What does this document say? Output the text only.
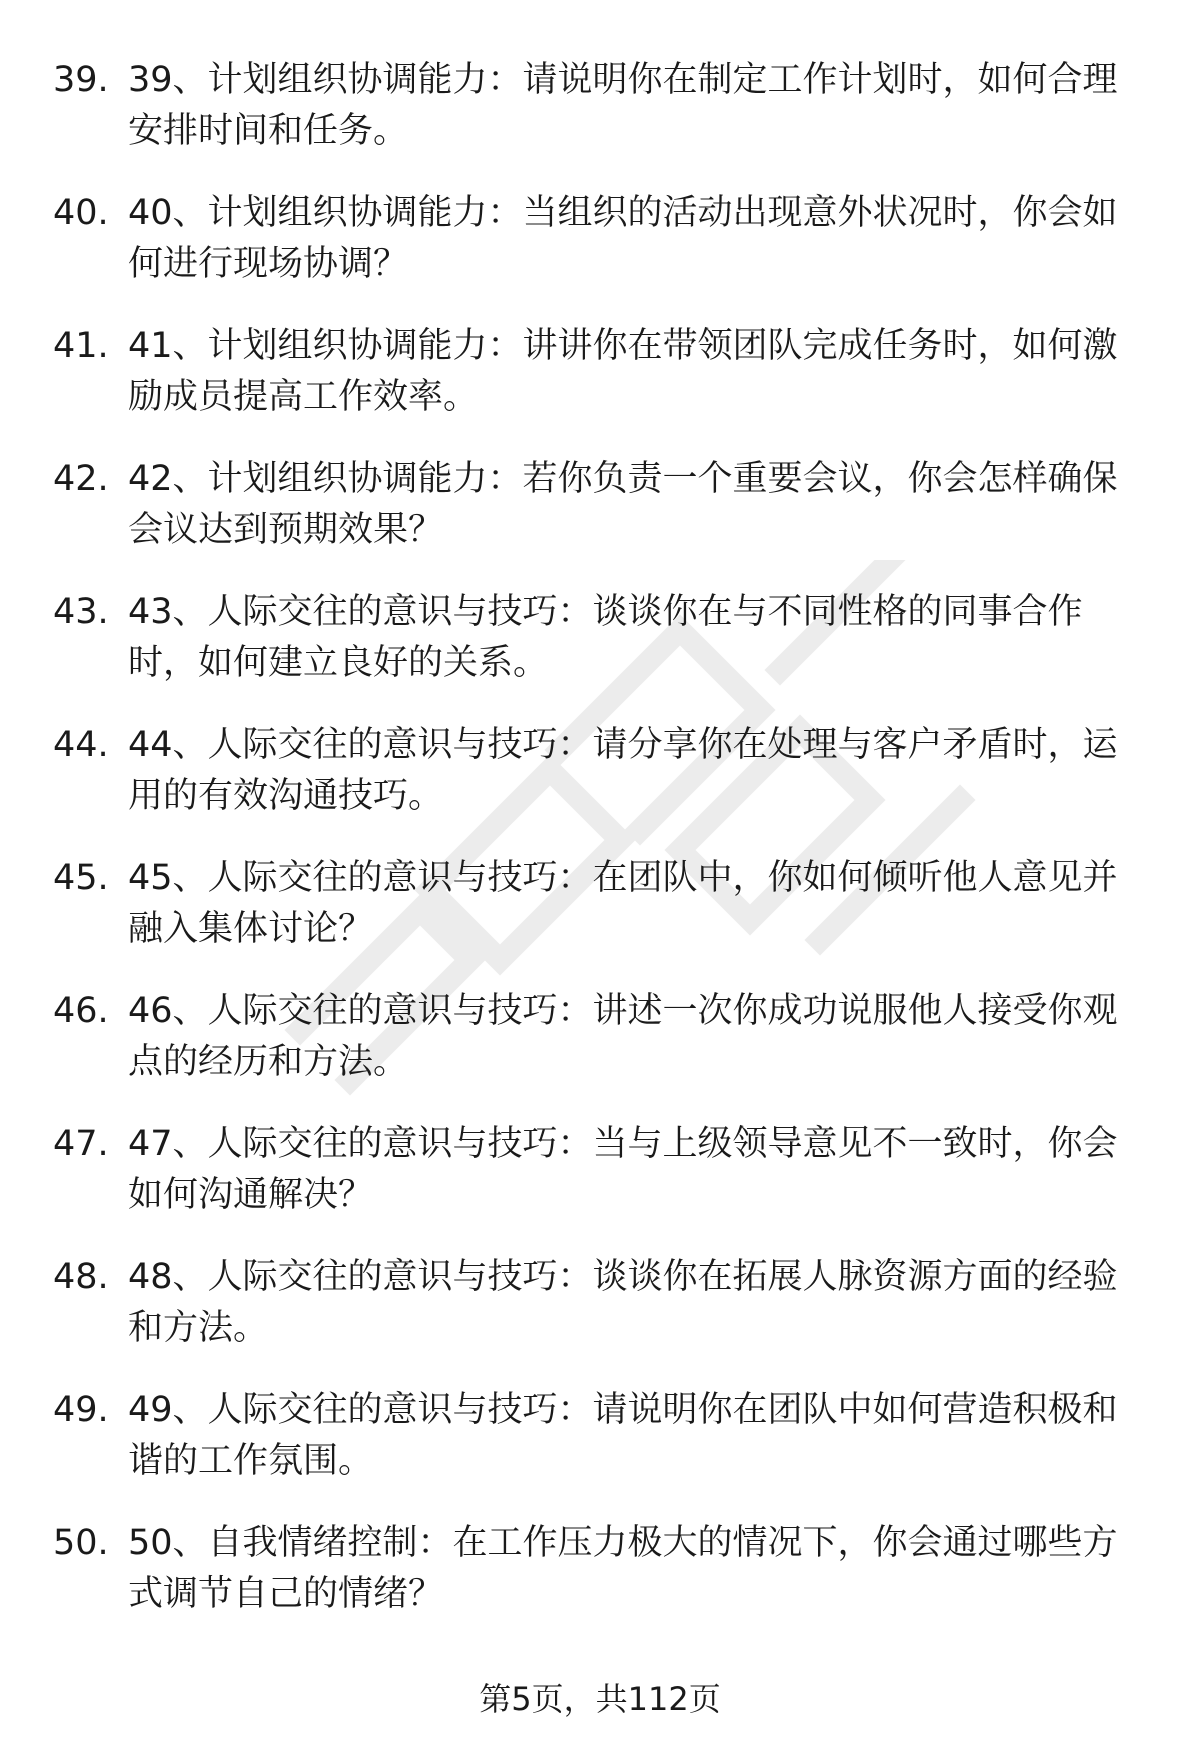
39. 39、计划组织协调能力：请说明你在制定工作计划时，如何合理安排时间和任务。
40. 40、计划组织协调能力：当组织的活动出现意外状况时，你会如何进行现场协调？
41. 41、计划组织协调能力：讲讲你在带领团队完成任务时，如何激励成员提高工作效率。
42. 42、计划组织协调能力：若你负责一个重要会议，你会怎样确保会议达到预期效果？
43. 43、人际交往的意识与技巧：谈谈你在与不同性格的同事合作时，如何建立良好的关系。
44. 44、人际交往的意识与技巧：请分享你在处理与客户矛盾时，运用的有效沟通技巧。
45. 45、人际交往的意识与技巧：在团队中，你如何倾听他人意见并融入集体讨论？
46. 46、人际交往的意识与技巧：讲述一次你成功说服他人接受你观点的经历和方法。
47. 47、人际交往的意识与技巧：当与上级领导意见不一致时，你会如何沟通解决？
48. 48、人际交往的意识与技巧：谈谈你在拓展人脉资源方面的经验和方法。
49. 49、人际交往的意识与技巧：请说明你在团队中如何营造积极和谐的工作氛围。
50. 50、自我情绪控制：在工作压力极大的情况下，你会通过哪些方式调节自己的情绪？
第5页，共112页
